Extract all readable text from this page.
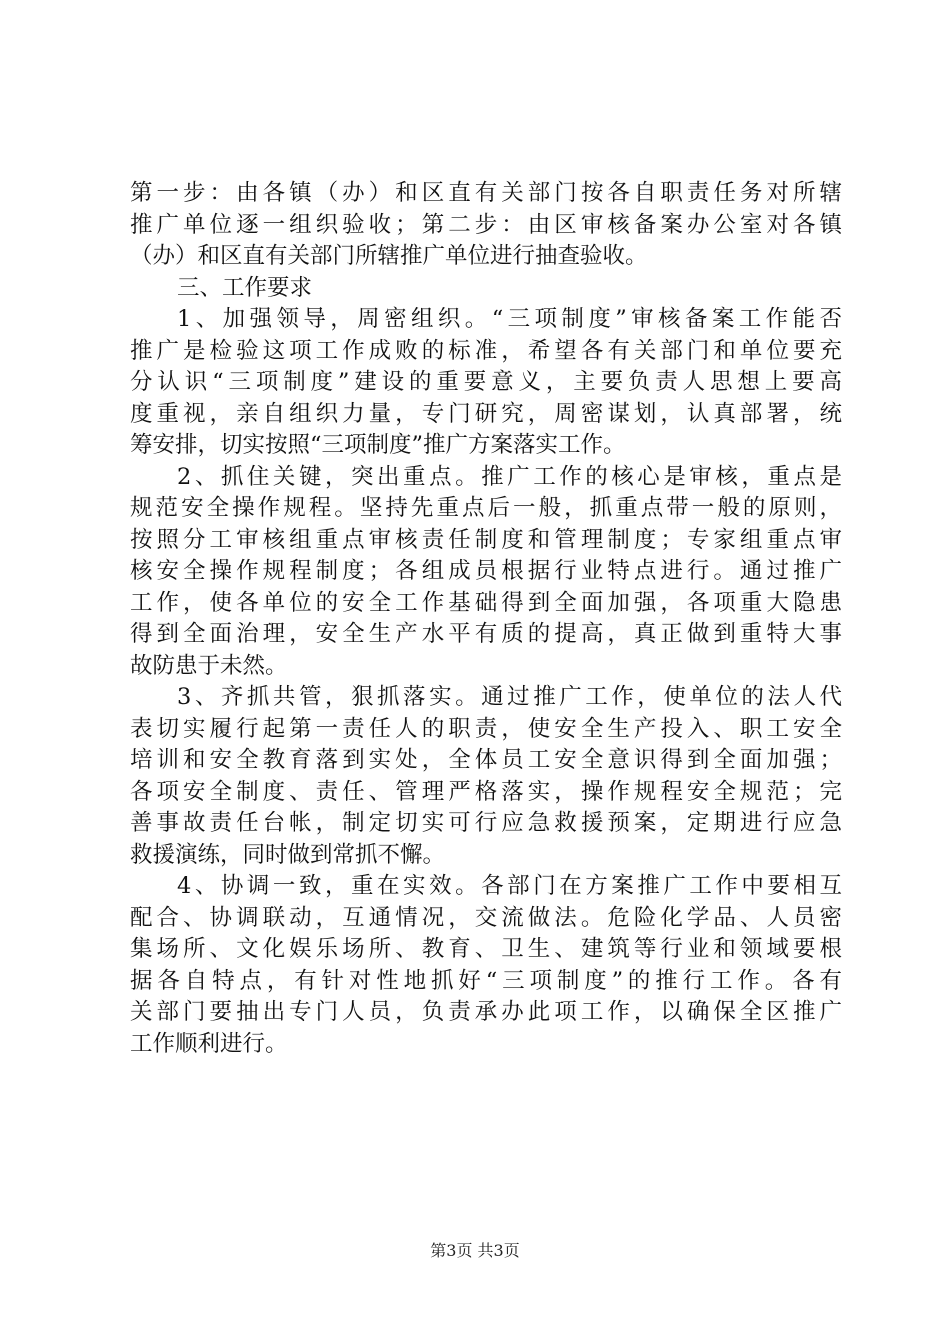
第一步：由各镇（办）和区直有关部门按各自职责任务对所辖
推广单位逐一组织验收；第二步：由区审核备案办公室对各镇
（办）和区直有关部门所辖推广单位进行抽查验收。
三、工作要求
1、加强领导，周密组织。“三项制度”审核备案工作能否
推广是检验这项工作成败的标准，希望各有关部门和单位要充
分认识“三项制度”建设的重要意义，主要负责人思想上要高
度重视，亲自组织力量，专门研究，周密谋划，认真部署，统
筹安排，切实按照“三项制度”推广方案落实工作。
2、抓住关键，突出重点。推广工作的核心是审核，重点是
规范安全操作规程。坚持先重点后一般，抓重点带一般的原则，
按照分工审核组重点审核责任制度和管理制度；专家组重点审
核安全操作规程制度；各组成员根据行业特点进行。通过推广
工作，使各单位的安全工作基础得到全面加强，各项重大隐患
得到全面治理，安全生产水平有质的提高，真正做到重特大事
故防患于未然。
3、齐抓共管，狠抓落实。通过推广工作，使单位的法人代
表切实履行起第一责任人的职责，使安全生产投入、职工安全
培训和安全教育落到实处，全体员工安全意识得到全面加强；
各项安全制度、责任、管理严格落实，操作规程安全规范；完
善事故责任台帐，制定切实可行应急救援预案，定期进行应急
救援演练，同时做到常抓不懈。
4、协调一致，重在实效。各部门在方案推广工作中要相互
配合、协调联动，互通情况，交流做法。危险化学品、人员密
集场所、文化娱乐场所、教育、卫生、建筑等行业和领域要根
据各自特点，有针对性地抓好“三项制度”的推行工作。各有
关部门要抽出专门人员，负责承办此项工作，以确保全区推广
工作顺利进行。
第3页 共3页
